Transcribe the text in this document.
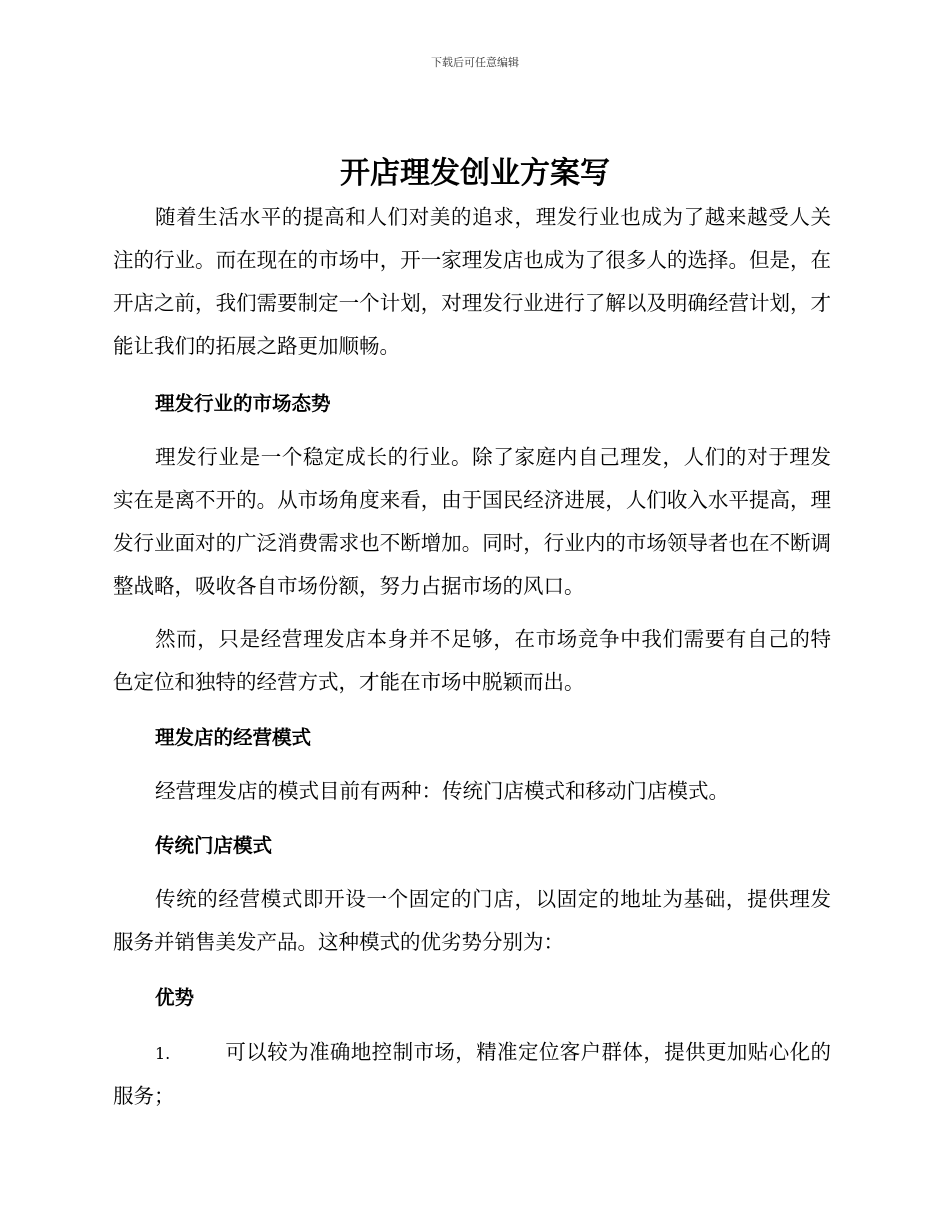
下载后可任意编辑
开店理发创业方案写

随着生活水平的提高和人们对美的追求，理发行业也成为了越来越受人关注的行业。而在现在的市场中，开一家理发店也成为了很多人的选择。但是，在开店之前，我们需要制定一个计划，对理发行业进行了解以及明确经营计划，才能让我们的拓展之路更加顺畅。

理发行业的市场态势

理发行业是一个稳定成长的行业。除了家庭内自己理发，人们的对于理发实在是离不开的。从市场角度来看，由于国民经济进展，人们收入水平提高，理发行业面对的广泛消费需求也不断增加。同时，行业内的市场领导者也在不断调整战略，吸收各自市场份额，努力占据市场的风口。

然而，只是经营理发店本身并不足够，在市场竞争中我们需要有自己的特色定位和独特的经营方式，才能在市场中脱颖而出。

理发店的经营模式

经营理发店的模式目前有两种：传统门店模式和移动门店模式。

传统门店模式

传统的经营模式即开设一个固定的门店，以固定的地址为基础，提供理发服务并销售美发产品。这种模式的优劣势分别为：

优势

1.	可以较为准确地控制市场，精准定位客户群体，提供更加贴心化的服务；
